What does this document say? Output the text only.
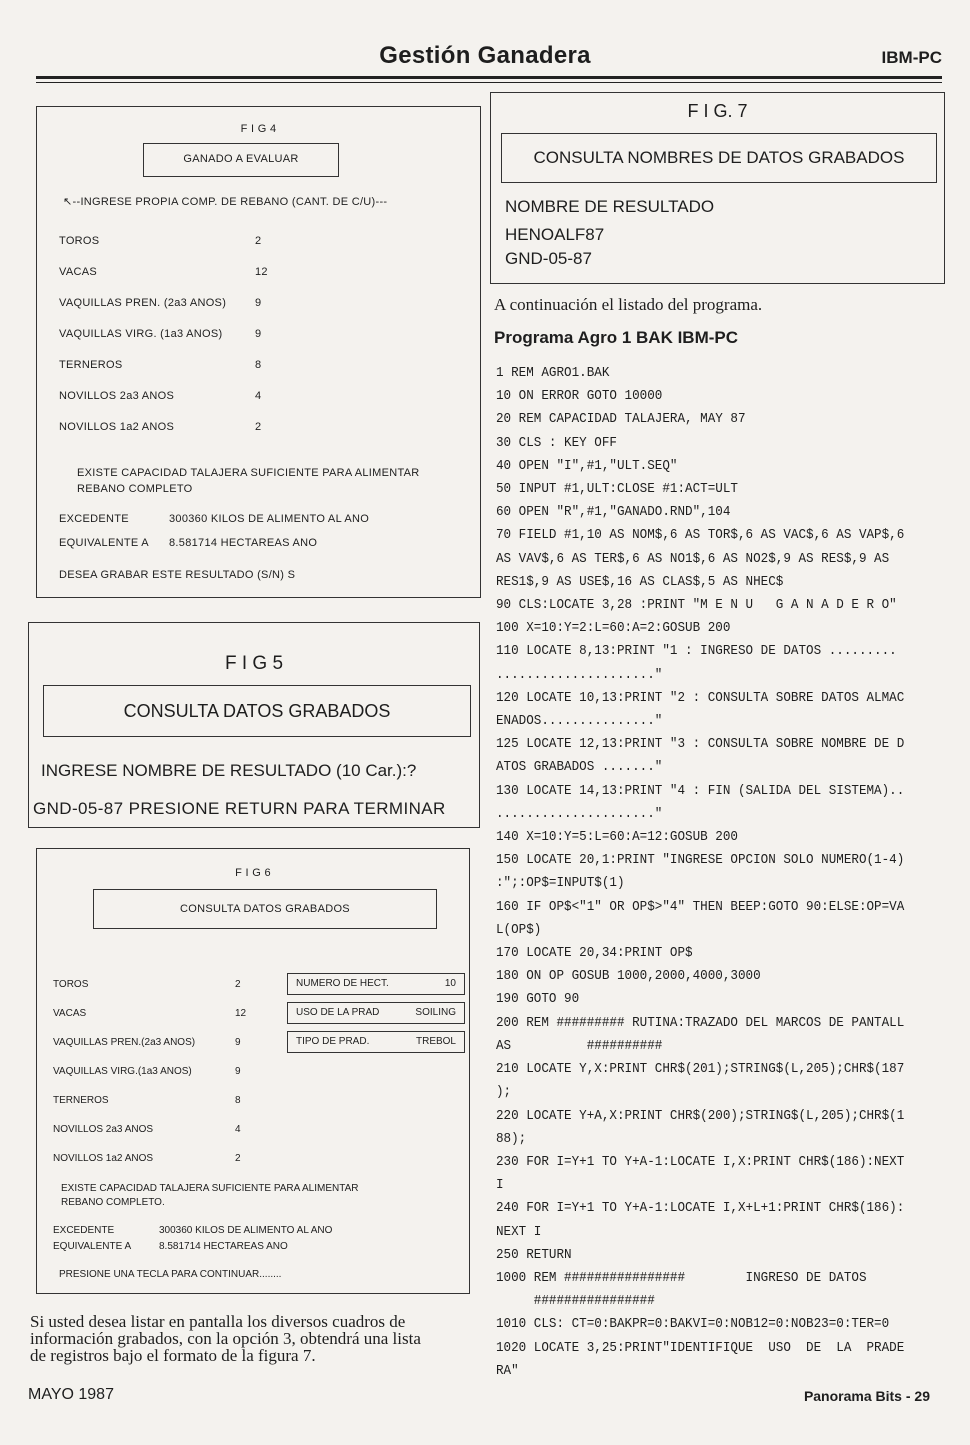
Gestión Ganadera	IBM-PC
F I G 4
GANADO A EVALUAR
↖--INGRESE PROPIA COMP. DE REBANO (CANT. DE C/U)---
TOROS	2
VACAS	12
VAQUILLAS PREN. (2a3 ANOS)	9
VAQUILLAS VIRG. (1a3 ANOS)	9
TERNEROS	8
NOVILLOS 2a3 ANOS	4
NOVILLOS 1a2 ANOS	2
EXISTE CAPACIDAD TALAJERA SUFICIENTE PARA ALIMENTAR
REBANO COMPLETO
EXCEDENTE	300360 KILOS DE ALIMENTO AL ANO
EQUIVALENTE A 8.581714 HECTAREAS ANO
DESEA GRABAR ESTE RESULTADO (S/N) S
F I G 5
CONSULTA DATOS GRABADOS
INGRESE NOMBRE DE RESULTADO (10 Car.):?
GND-05-87 PRESIONE RETURN PARA TERMINAR
F I G 6
CONSULTA DATOS GRABADOS
TOROS	2
VACAS	12
VAQUILLAS PREN.(2a3 ANOS)	9
VAQUILLAS VIRG.(1a3 ANOS)	9
TERNEROS	8
NOVILLOS 2a3 ANOS	4
NOVILLOS 1a2 ANOS	2
NUMERO DE HECT.	10
USO DE LA PRAD	SOILING
TIPO DE PRAD.	TREBOL
EXISTE CAPACIDAD TALAJERA SUFICIENTE PARA ALIMENTAR
REBANO COMPLETO.
EXCEDENTE	300360 KILOS DE ALIMENTO AL ANO
EQUIVALENTE A	8.581714 HECTAREAS ANO
PRESIONE UNA TECLA PARA CONTINUAR........
F I G. 7
CONSULTA NOMBRES DE DATOS GRABADOS
NOMBRE DE RESULTADO
HENOALF87
GND-05-87
A continuación el listado del programa.
Programa Agro 1 BAK IBM-PC
1 REM AGRO1.BAK
10 ON ERROR GOTO 10000
20 REM CAPACIDAD TALAJERA, MAY 87
30 CLS : KEY OFF
40 OPEN "I",#1,"ULT.SEQ"
50 INPUT #1,ULT:CLOSE #1:ACT=ULT
60 OPEN "R",#1,"GANADO.RND",104
70 FIELD #1,10 AS NOM$,6 AS TOR$,6 AS VAC$,6 AS VAP$,6
AS VAV$,6 AS TER$,6 AS NO1$,6 AS NO2$,9 AS RES$,9 AS
RES1$,9 AS USE$,16 AS CLAS$,5 AS NHEC$
90 CLS:LOCATE 3,28 :PRINT "M E N U   G A N A D E R O"
100 X=10:Y=2:L=60:A=2:GOSUB 200
110 LOCATE 8,13:PRINT "1 : INGRESO DE DATOS .........
....................."
120 LOCATE 10,13:PRINT "2 : CONSULTA SOBRE DATOS ALMAC
ENADOS..............."
125 LOCATE 12,13:PRINT "3 : CONSULTA SOBRE NOMBRE DE D
ATOS GRABADOS ......."
130 LOCATE 14,13:PRINT "4 : FIN (SALIDA DEL SISTEMA)..
....................."
140 X=10:Y=5:L=60:A=12:GOSUB 200
150 LOCATE 20,1:PRINT "INGRESE OPCION SOLO NUMERO(1-4)
:";:OP$=INPUT$(1)
160 IF OP$<"1" OR OP$>"4" THEN BEEP:GOTO 90:ELSE:OP=VA
L(OP$)
170 LOCATE 20,34:PRINT OP$
180 ON OP GOSUB 1000,2000,4000,3000
190 GOTO 90
200 REM ######### RUTINA:TRAZADO DEL MARCOS DE PANTALL
AS          ##########
210 LOCATE Y,X:PRINT CHR$(201);STRING$(L,205);CHR$(187
);
220 LOCATE Y+A,X:PRINT CHR$(200);STRING$(L,205);CHR$(1
88);
230 FOR I=Y+1 TO Y+A-1:LOCATE I,X:PRINT CHR$(186):NEXT
I
240 FOR I=Y+1 TO Y+A-1:LOCATE I,X+L+1:PRINT CHR$(186):
NEXT I
250 RETURN
1000 REM ################        INGRESO DE DATOS
################
1010 CLS: CT=0:BAKPR=0:BAKVI=0:NOB12=0:NOB23=0:TER=0
1020 LOCATE 3,25:PRINT"IDENTIFIQUE  USO  DE  LA  PRADE
RA"
Si usted desea listar en pantalla los diversos cuadros de
información grabados, con la opción 3, obtendrá una lista
de registros bajo el formato de la figura 7.
MAYO 1987	Panorama Bits - 29
